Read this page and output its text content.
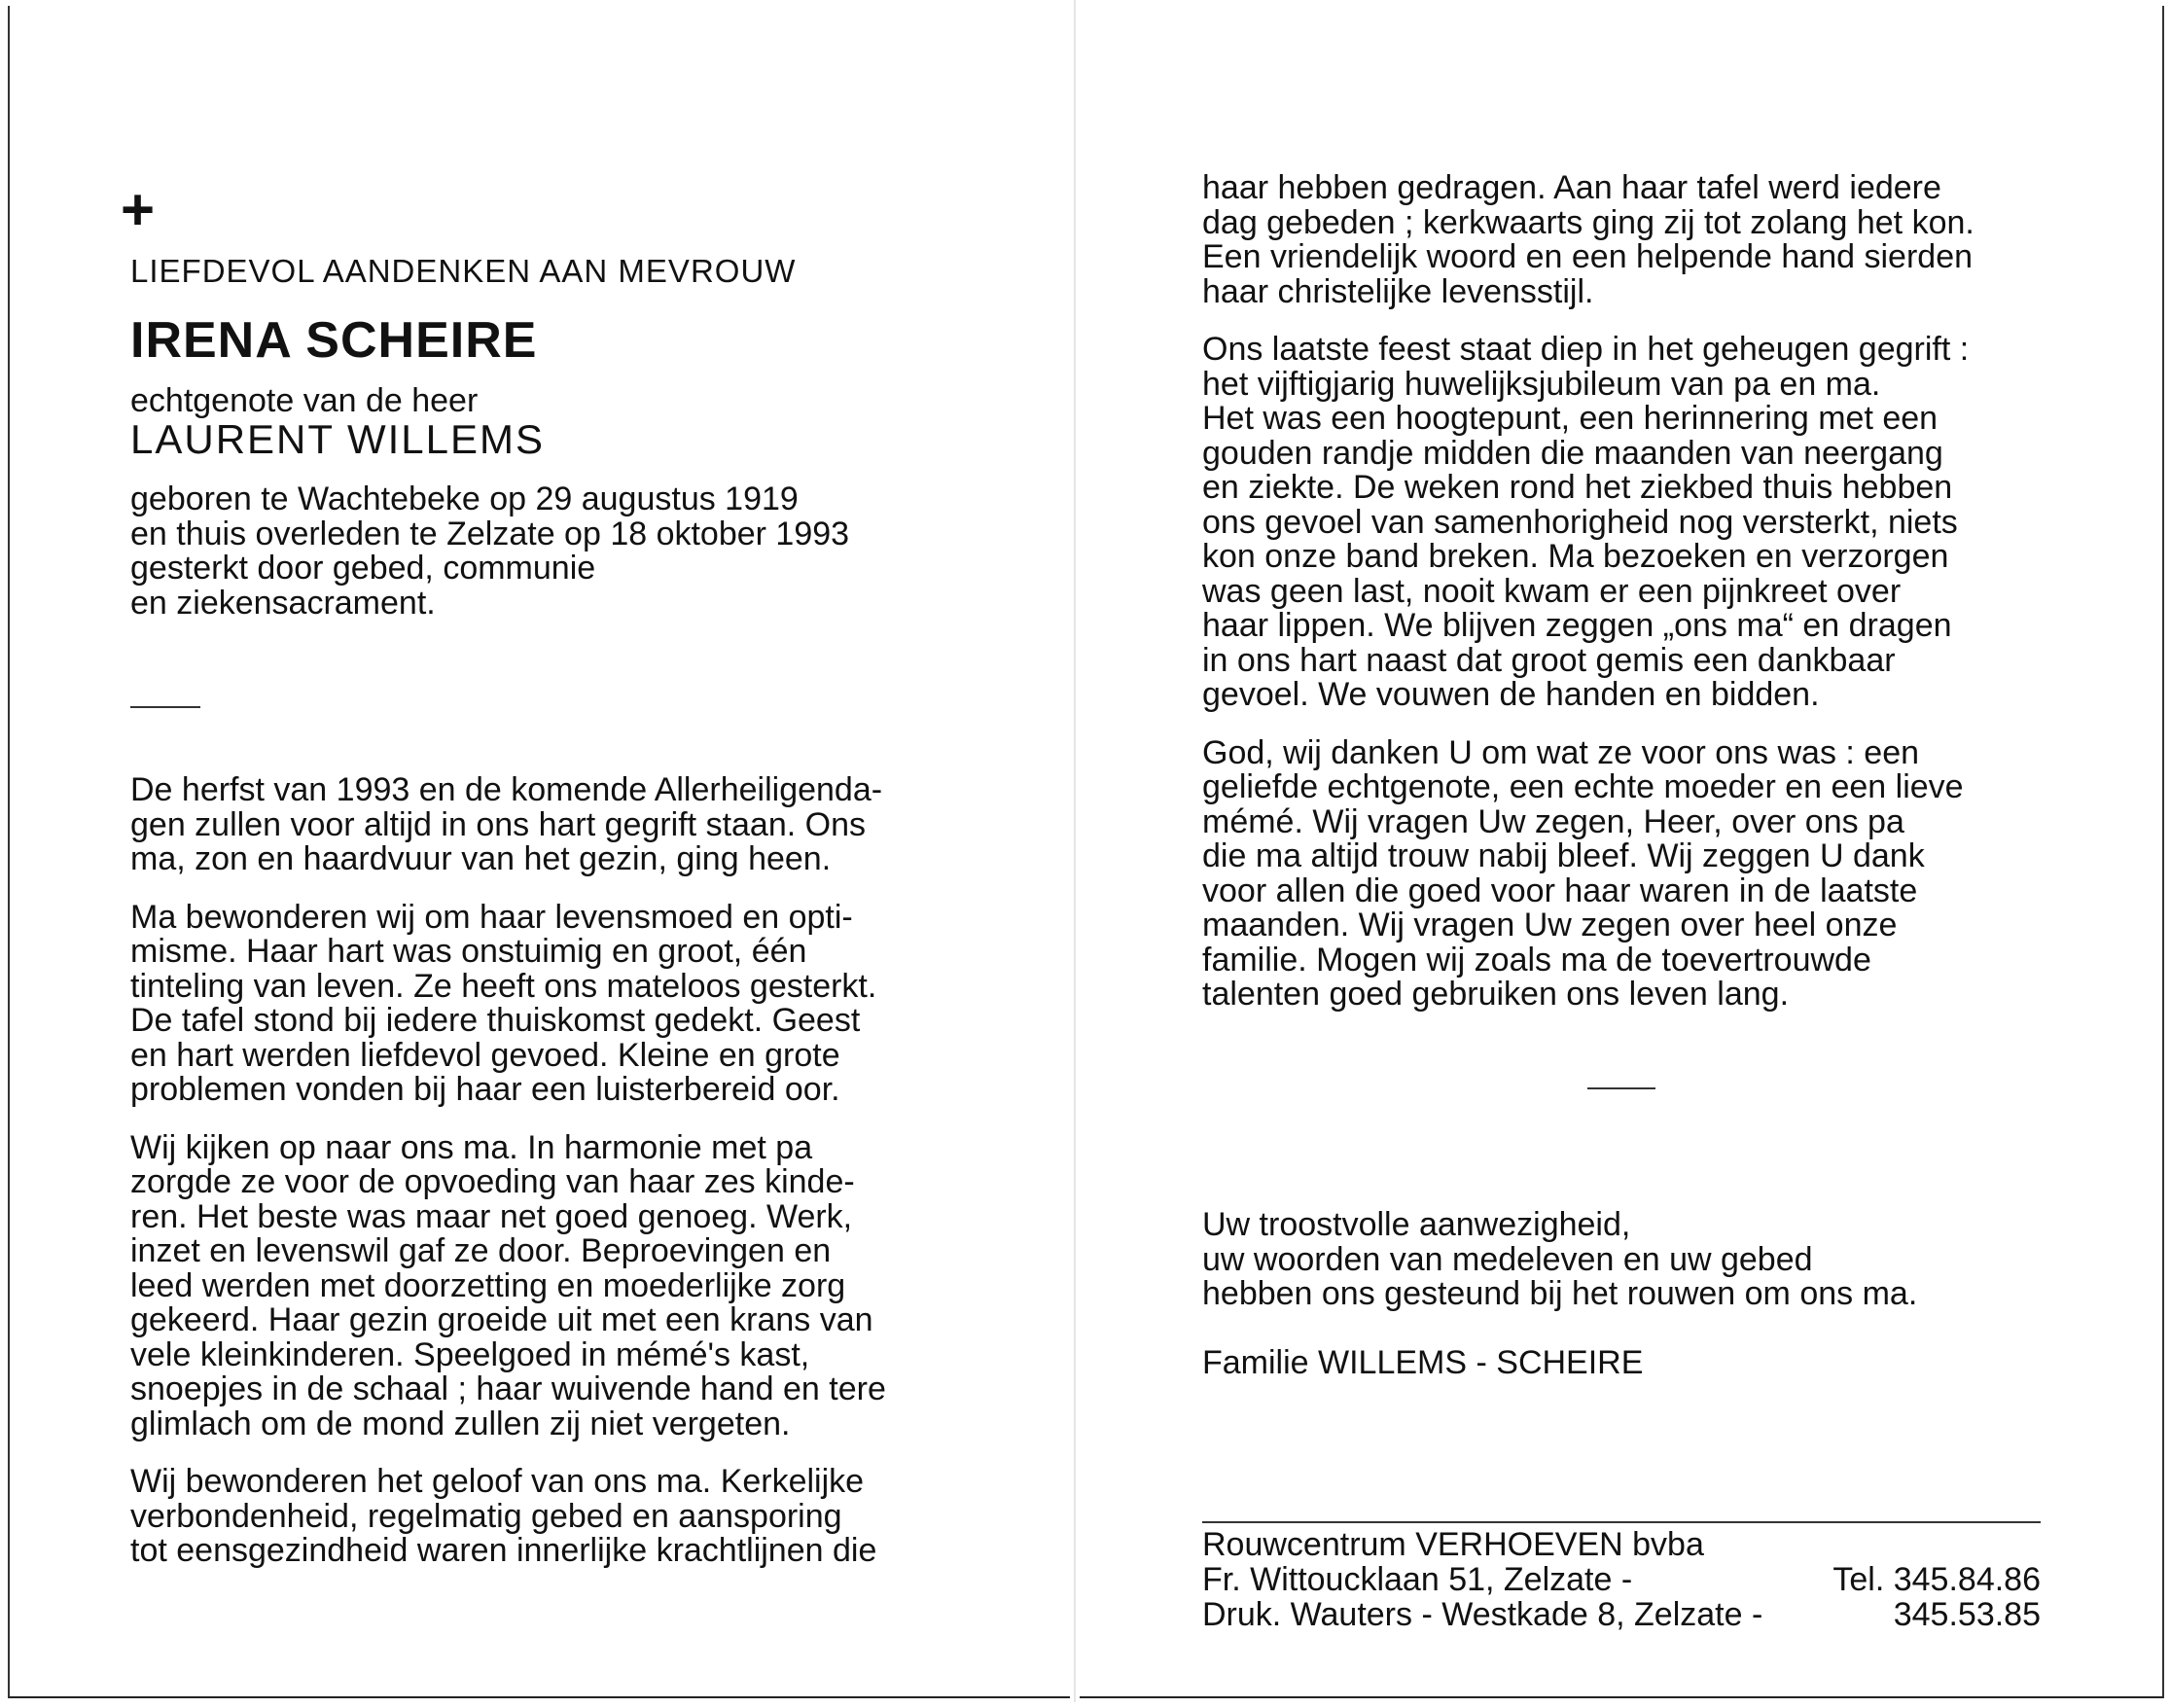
+
LIEFDEVOL AANDENKEN AAN MEVROUW
IRENA SCHEIRE
echtgenote van de heer
LAURENT WILLEMS
geboren te Wachtebeke op 29 augustus 1919
en thuis overleden te Zelzate op 18 oktober 1993
gesterkt door gebed, communie
en ziekensacrament.

De herfst van 1993 en de komende Allerheiligenda-
gen zullen voor altijd in ons hart gegrift staan. Ons
ma, zon en haardvuur van het gezin, ging heen.

Ma bewonderen wij om haar levensmoed en opti-
misme. Haar hart was onstuimig en groot, één
tinteling van leven. Ze heeft ons mateloos gesterkt.
De tafel stond bij iedere thuiskomst gedekt. Geest
en hart werden liefdevol gevoed. Kleine en grote
problemen vonden bij haar een luisterbereid oor.

Wij kijken op naar ons ma. In harmonie met pa
zorgde ze voor de opvoeding van haar zes kinde-
ren. Het beste was maar net goed genoeg. Werk,
inzet en levenswil gaf ze door. Beproevingen en
leed werden met doorzetting en moederlijke zorg
gekeerd. Haar gezin groeide uit met een krans van
vele kleinkinderen. Speelgoed in mémé's kast,
snoepjes in de schaal ; haar wuivende hand en tere
glimlach om de mond zullen zij niet vergeten.

Wij bewonderen het geloof van ons ma. Kerkelijke
verbondenheid, regelmatig gebed en aansporing
tot eensgezindheid waren innerlijke krachtlijnen die

haar hebben gedragen. Aan haar tafel werd iedere
dag gebeden ; kerkwaarts ging zij tot zolang het kon.
Een vriendelijk woord en een helpende hand sierden
haar christelijke levensstijl.

Ons laatste feest staat diep in het geheugen gegrift :
het vijftigjarig huwelijksjubileum van pa en ma.
Het was een hoogtepunt, een herinnering met een
gouden randje midden die maanden van neergang
en ziekte. De weken rond het ziekbed thuis hebben
ons gevoel van samenhorigheid nog versterkt, niets
kon onze band breken. Ma bezoeken en verzorgen
was geen last, nooit kwam er een pijnkreet over
haar lippen. We blijven zeggen „ons ma“ en dragen
in ons hart naast dat groot gemis een dankbaar
gevoel. We vouwen de handen en bidden.

God, wij danken U om wat ze voor ons was : een
geliefde echtgenote, een echte moeder en een lieve
mémé. Wij vragen Uw zegen, Heer, over ons pa
die ma altijd trouw nabij bleef. Wij zeggen U dank
voor allen die goed voor haar waren in de laatste
maanden. Wij vragen Uw zegen over heel onze
familie. Mogen wij zoals ma de toevertrouwde
talenten goed gebruiken ons leven lang.

Uw troostvolle aanwezigheid,
uw woorden van medeleven en uw gebed
hebben ons gesteund bij het rouwen om ons ma.
Familie WILLEMS - SCHEIRE
Rouwcentrum VERHOEVEN bvba
Fr. Wittoucklaan 51, Zelzate -	Tel. 345.84.86
Druk. Wauters - Westkade 8, Zelzate -	345.53.85
